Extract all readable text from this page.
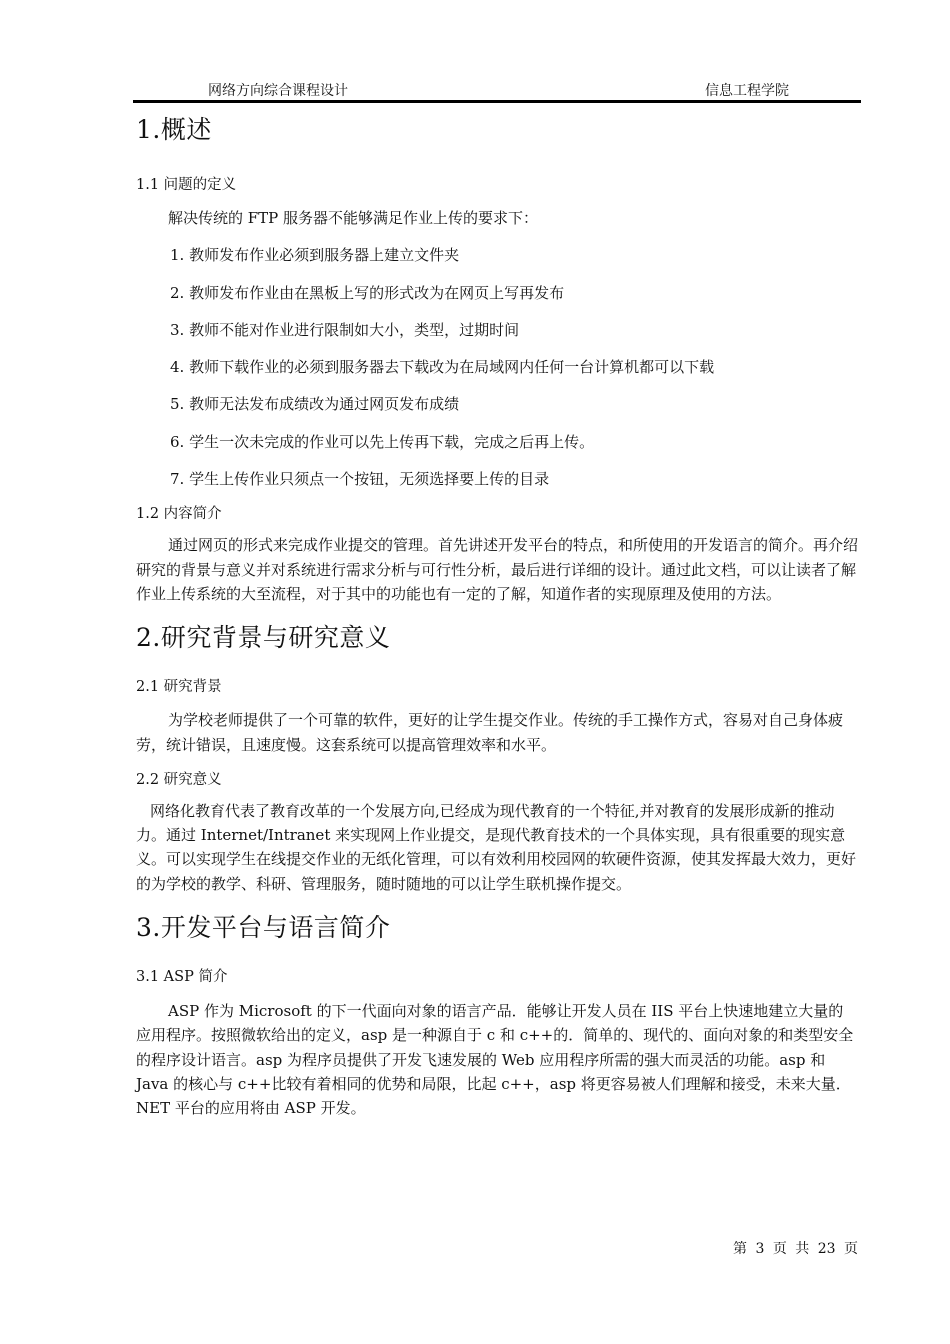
网络方向综合课程设计	信息工程学院
1.概述
1.1 问题的定义

解决传统的 FTP 服务器不能够满足作业上传的要求下：

1. 教师发布作业必须到服务器上建立文件夹

2. 教师发布作业由在黑板上写的形式改为在网页上写再发布

3. 教师不能对作业进行限制如大小，类型，过期时间

4. 教师下载作业的必须到服务器去下载改为在局域网内任何一台计算机都可以下载

5. 教师无法发布成绩改为通过网页发布成绩

6. 学生一次未完成的作业可以先上传再下载，完成之后再上传。

7. 学生上传作业只须点一个按钮，无须选择要上传的目录

1.2 内容简介

通过网页的形式来完成作业提交的管理。首先讲述开发平台的特点，和所使用的开发语言的简介。再介绍研究的背景与意义并对系统进行需求分析与可行性分析，最后进行详细的设计。通过此文档，可以让读者了解作业上传系统的大至流程，对于其中的功能也有一定的了解，知道作者的实现原理及使用的方法。

2.研究背景与研究意义
2.1 研究背景

为学校老师提供了一个可靠的软件，更好的让学生提交作业。传统的手工操作方式，容易对自己身体疲劳，统计错误，且速度慢。这套系统可以提高管理效率和水平。

2.2 研究意义

网络化教育代表了教育改革的一个发展方向,已经成为现代教育的一个特征,并对教育的发展形成新的推动力。通过 Internet/Intranet 来实现网上作业提交，是现代教育技术的一个具体实现，具有很重要的现实意义。可以实现学生在线提交作业的无纸化管理，可以有效利用校园网的软硬件资源，使其发挥最大效力，更好的为学校的教学、科研、管理服务，随时随地的可以让学生联机操作提交。

3.开发平台与语言简介
3.1 ASP 简介

ASP 作为 Microsoft 的下一代面向对象的语言产品．能够让开发人员在 IIS 平台上快速地建立大量的应用程序。按照微软给出的定义，asp 是一种源自于 c 和 c++的．简单的、现代的、面向对象的和类型安全的程序设计语言。asp 为程序员提供了开发飞速发展的 Web 应用程序所需的强大而灵活的功能。asp 和 Java 的核心与 c++比较有着相同的优势和局限，比起 c++，asp 将更容易被人们理解和接受，未来大量．NET 平台的应用将由 ASP 开发。

第 3 页 共 23 页
